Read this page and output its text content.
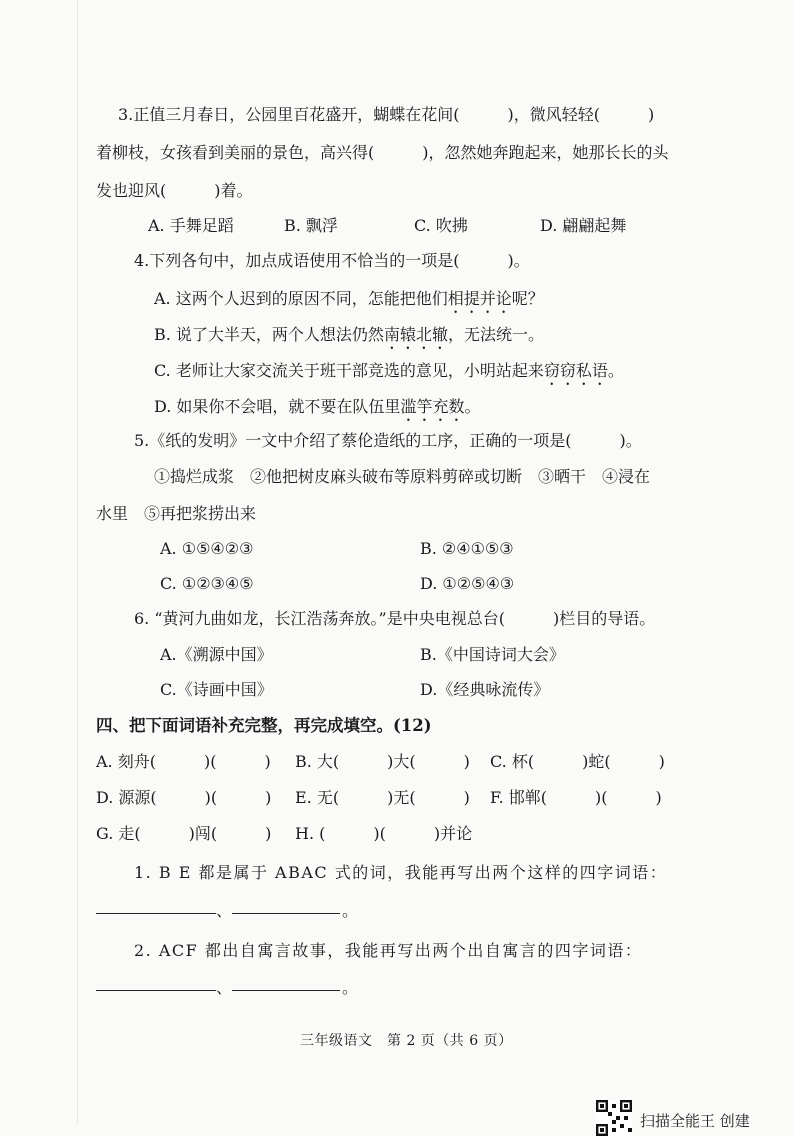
3.正值三月春日，公园里百花盛开，蝴蝶在花间(　　　)，微风轻轻(　　　)
着柳枝，女孩看到美丽的景色，高兴得(　　　)，忽然她奔跑起来，她那长长的头
发也迎风(　　　)着。
A. 手舞足蹈	B. 飘浮	C. 吹拂	D. 翩翩起舞
4.下列各句中，加点成语使用不恰当的一项是(　　　)。
A. 这两个人迟到的原因不同，怎能把他们相提并论呢？
B. 说了大半天，两个人想法仍然南辕北辙，无法统一。
C. 老师让大家交流关于班干部竞选的意见，小明站起来窃窃私语。
D. 如果你不会唱，就不要在队伍里滥竽充数。
5.《纸的发明》一文中介绍了蔡伦造纸的工序，正确的一项是(　　　)。
①捣烂成浆　②他把树皮麻头破布等原料剪碎或切断　③晒干　④浸在
水里　⑤再把浆捞出来
A. ①⑤④②③	B. ②④①⑤③
C. ①②③④⑤	D. ①②⑤④③
6. “黄河九曲如龙，长江浩荡奔放。”是中央电视总台(　　　)栏目的导语。
A.《溯源中国》	B.《中国诗词大会》
C.《诗画中国》	D.《经典咏流传》
四、把下面词语补充完整，再完成填空。(12)
A. 刻舟(　　　)(　　　) B. 大(　　　)大(　　　) C. 杯(　　　)蛇(　　　)
D. 源源(　　　)(　　　) E. 无(　　　)无(　　　) F. 邯郸(　　　)(　　　)
G. 走(　　　)闯(　　　) H. (　　　)(　　　)并论
1. B E 都是属于 ABAC 式的词，我能再写出两个这样的四字词语：
、	。
2. ACF 都出自寓言故事，我能再写出两个出自寓言的四字词语：
、	。
三年级语文　第 2 页（共 6 页）
扫描全能王 创建
